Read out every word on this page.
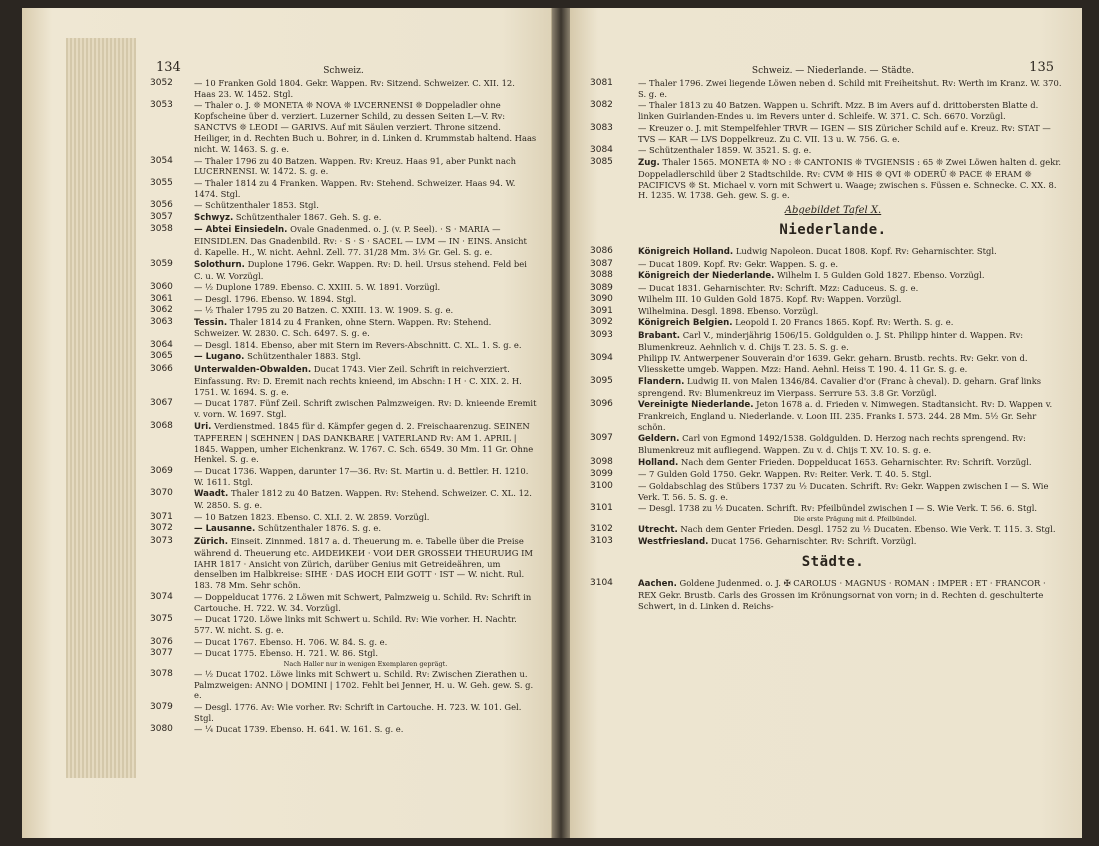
134	Schweiz.
3052	— 10 Franken Gold 1804. Gekr. Wappen. Rv: Sitzend. Schweizer. C. XII. 12. Haas 23. W. 1452. Stgl.
3053	— Thaler o. J. ❊ MONETA ❊ NOVA ❊ LVCERNENSI ❊ Doppeladler ohne Kopfscheine über d. verziert. Luzerner Schild, zu dessen Seiten L—V. Rv: SANCTVS ❊ LEODI — GARIVS. Auf mit Säulen verziert. Throne sitzend. Heiliger, in d. Rechten Buch u. Bohrer, in d. Linken d. Krummstab haltend. Haas nicht. W. 1463. S. g. e.
3054	— Thaler 1796 zu 40 Batzen. Wappen. Rv: Kreuz. Haas 91, aber Punkt nach LUCERNENSI. W. 1472. S. g. e.
3055	— Thaler 1814 zu 4 Franken. Wappen. Rv: Stehend. Schweizer. Haas 94. W. 1474. Stgl.
3056	— Schützenthaler 1853. Stgl.
3057 Schwyz. Schützenthaler 1867. Geh. S. g. e.
3058 — Abtei Einsiedeln. Ovale Gnadenmed. o. J. (v. P. Seel). · S · MARIA — EINSIDLEN. Das Gnadenbild. Rv: · S · S · SACEL — LVM — IN · EINS. Ansicht d. Kapelle. H., W. nicht. Aehnl. Zell. 77. 31/28 Mm. 3½ Gr. Gel. S. g. e.
3059 Solothurn. Duplone 1796. Gekr. Wappen. Rv: D. heil. Ursus stehend. Feld bei C. u. W. Vorzügl.
3060	— ½ Duplone 1789. Ebenso. C. XXIII. 5. W. 1891. Vorzügl.
3061	— Desgl. 1796. Ebenso. W. 1894. Stgl.
3062	— ½ Thaler 1795 zu 20 Batzen. C. XXIII. 13. W. 1909. S. g. e.
3063 Tessin. Thaler 1814 zu 4 Franken, ohne Stern. Wappen. Rv: Stehend. Schweizer. W. 2830. C. Sch. 6497. S. g. e.
3064	— Desgl. 1814. Ebenso, aber mit Stern im Revers-Abschnitt. C. XL. 1. S. g. e.
3065 — Lugano. Schützenthaler 1883. Stgl.
3066 Unterwalden-Obwalden. Ducat 1743. Vier Zeil. Schrift in reichverziert. Einfassung. Rv: D. Eremit nach rechts knieend, im Abschn: I H · C. XIX. 2. H. 1751. W. 1694. S. g. e.
3067	— Ducat 1787. Fünf Zeil. Schrift zwischen Palmzweigen. Rv: D. knieende Eremit v. vorn. W. 1697. Stgl.
3068 Uri. Verdienstmed. 1845 für d. Kämpfer gegen d. 2. Freischaarenzug. SEINEN TAPFEREN | SŒHNEN | DAS DANKBARE | VATERLAND Rv: AM 1. APRIL | 1845. Wappen, umher Eichenkranz. W. 1767. C. Sch. 6549. 30 Mm. 11 Gr. Ohne Henkel. S. g. e.
3069	— Ducat 1736. Wappen, darunter 17—36. Rv: St. Martin u. d. Bettler. H. 1210. W. 1611. Stgl.
3070 Waadt. Thaler 1812 zu 40 Batzen. Wappen. Rv: Stehend. Schweizer. C. XL. 12. W. 2850. S. g. e.
3071	— 10 Batzen 1823. Ebenso. C. XLI. 2. W. 2859. Vorzügl.
3072 — Lausanne. Schützenthaler 1876. S. g. e.
3073 Zürich. Einseit. Zinnmed. 1817 a. d. Theuerung m. e. Tabelle über die Preise während d. Theuerung etc. AИDEИKEИ · VOИ DER GROSSEИ THEURUИG IM IAHR 1817 · Ansicht von Zürich, darüber Genius mit Getreideähren, um denselben im Halbkreise: SIHE · DAS ИOCH EIИ GOTT · IST — W. nicht. Rul. 183. 78 Mm. Sehr schön.
3074	— Doppelducat 1776. 2 Löwen mit Schwert, Palmzweig u. Schild. Rv: Schrift in Cartouche. H. 722. W. 34. Vorzügl.
3075	— Ducat 1720. Löwe links mit Schwert u. Schild. Rv: Wie vorher. H. Nachtr. 577. W. nicht. S. g. e.
3076	— Ducat 1767. Ebenso. H. 706. W. 84. S. g. e.
3077	— Ducat 1775. Ebenso. H. 721. W. 86. Stgl.
Nach Haller nur in wenigen Exemplaren geprägt.
3078	— ½ Ducat 1702. Löwe links mit Schwert u. Schild. Rv: Zwischen Zierathen u. Palmzweigen: ANNO | DOMINI | 1702. Fehlt bei Jenner, H. u. W. Geh. gew. S. g. e.
3079	— Desgl. 1776. Av: Wie vorher. Rv: Schrift in Cartouche. H. 723. W. 101. Gel. Stgl.
3080	— ¼ Ducat 1739. Ebenso. H. 641. W. 161. S. g. e.
135
Schweiz. — Niederlande. — Städte.
3081	— Thaler 1796. Zwei liegende Löwen neben d. Schild mit Freiheitshut. Rv: Werth im Kranz. W. 370. S. g. e.
3082	— Thaler 1813 zu 40 Batzen. Wappen u. Schrift. Mzz. B im Avers auf d. drittobersten Blatte d. linken Guirlanden-Endes u. im Revers unter d. Schleife. W. 371. C. Sch. 6670. Vorzügl.
3083	— Kreuzer o. J. mit Stempelfehler TRVR — IGEN — SIS Züricher Schild auf e. Kreuz. Rv: STAT — TVS — KAR — LVS Doppelkreuz. Zu C. VII. 13 u. W. 756. G. e.
3084	— Schützenthaler 1859. W. 3521. S. g. e.
3085	Zug. Thaler 1565. MONETA ❊ NO : ❊ CANTONIS ❊ TVGIENSIS : 65 ❊ Zwei Löwen halten d. gekr. Doppeladlerschild über 2 Stadtschilde. Rv: CVM ❊ HIS ❊ QVI ❊ ODERŪ ❊ PACE ❊ ERAM ❊ PACIFICVS ❊ St. Michael v. vorn mit Schwert u. Waage; zwischen s. Füssen e. Schnecke. C. XX. 8. H. 1235. W. 1738. Geh. gew. S. g. e.
Abgebildet Tafel X.
Niederlande.
3086	Königreich Holland. Ludwig Napoleon. Ducat 1808. Kopf. Rv: Geharnischter. Stgl.
3087	— Ducat 1809. Kopf. Rv: Gekr. Wappen. S. g. e.
3088	Königreich der Niederlande. Wilhelm I. 5 Gulden Gold 1827. Ebenso. Vorzügl.
3089	— Ducat 1831. Geharnischter. Rv: Schrift. Mzz: Caduceus. S. g. e.
3090	Wilhelm III. 10 Gulden Gold 1875. Kopf. Rv: Wappen. Vorzügl.
3091	Wilhelmina. Desgl. 1898. Ebenso. Vorzügl.
3092	Königreich Belgien. Leopold I. 20 Francs 1865. Kopf. Rv: Werth. S. g. e.
3093	Brabant. Carl V., minderjährig 1506/15. Goldgulden o. J. St. Philipp hinter d. Wappen. Rv: Blumenkreuz. Aehnlich v. d. Chijs T. 23. 5. S. g. e.
3094	Philipp IV. Antwerpener Souverain d'or 1639. Gekr. geharn. Brustb. rechts. Rv: Gekr. von d. Vliesskette umgeb. Wappen. Mzz: Hand. Aehnl. Heiss T. 190. 4. 11 Gr. S. g. e.
3095	Flandern. Ludwig II. von Malen 1346/84. Cavalier d'or (Franc à cheval). D. geharn. Graf links sprengend. Rv: Blumenkreuz im Vierpass. Serrure 53. 3.8 Gr. Vorzügl.
3096	Vereinigte Niederlande. Jeton 1678 a. d. Frieden v. Nimwegen. Stadtansicht. Rv: D. Wappen v. Frankreich, England u. Niederlande. v. Loon III. 235. Franks I. 573. 244. 28 Mm. 5½ Gr. Sehr schön.
3097	Geldern. Carl von Egmond 1492/1538. Goldgulden. D. Herzog nach rechts sprengend. Rv: Blumenkreuz mit aufliegend. Wappen. Zu v. d. Chijs T. XV. 10. S. g. e.
3098	Holland. Nach dem Genter Frieden. Doppelducat 1653. Geharnischter. Rv: Schrift. Vorzügl.
3099	— 7 Gulden Gold 1750. Gekr. Wappen. Rv: Reiter. Verk. T. 40. 5. Stgl.
3100	— Goldabschlag des Stübers 1737 zu ½ Ducaten. Schrift. Rv: Gekr. Wappen zwischen I — S. Wie Verk. T. 56. 5. S. g. e.
3101	— Desgl. 1738 zu ½ Ducaten. Schrift. Rv: Pfeilbündel zwischen I — S. Wie Verk. T. 56. 6. Stgl.
Die erste Prägung mit d. Pfeilbündel.
3102	Utrecht. Nach dem Genter Frieden. Desgl. 1752 zu ½ Ducaten. Ebenso. Wie Verk. T. 115. 3. Stgl.
3103	Westfriesland. Ducat 1756. Geharnischter. Rv: Schrift. Vorzügl.
Städte.
3104	Aachen. Goldene Judenmed. o. J. ✠ CAROLUS · MAGNUS · ROMAN : IMPER : ET · FRANCOR · REX Gekr. Brustb. Carls des Grossen im Krönungsornat von vorn; in d. Rechten d. geschulterte Schwert, in d. Linken d. Reichs-
